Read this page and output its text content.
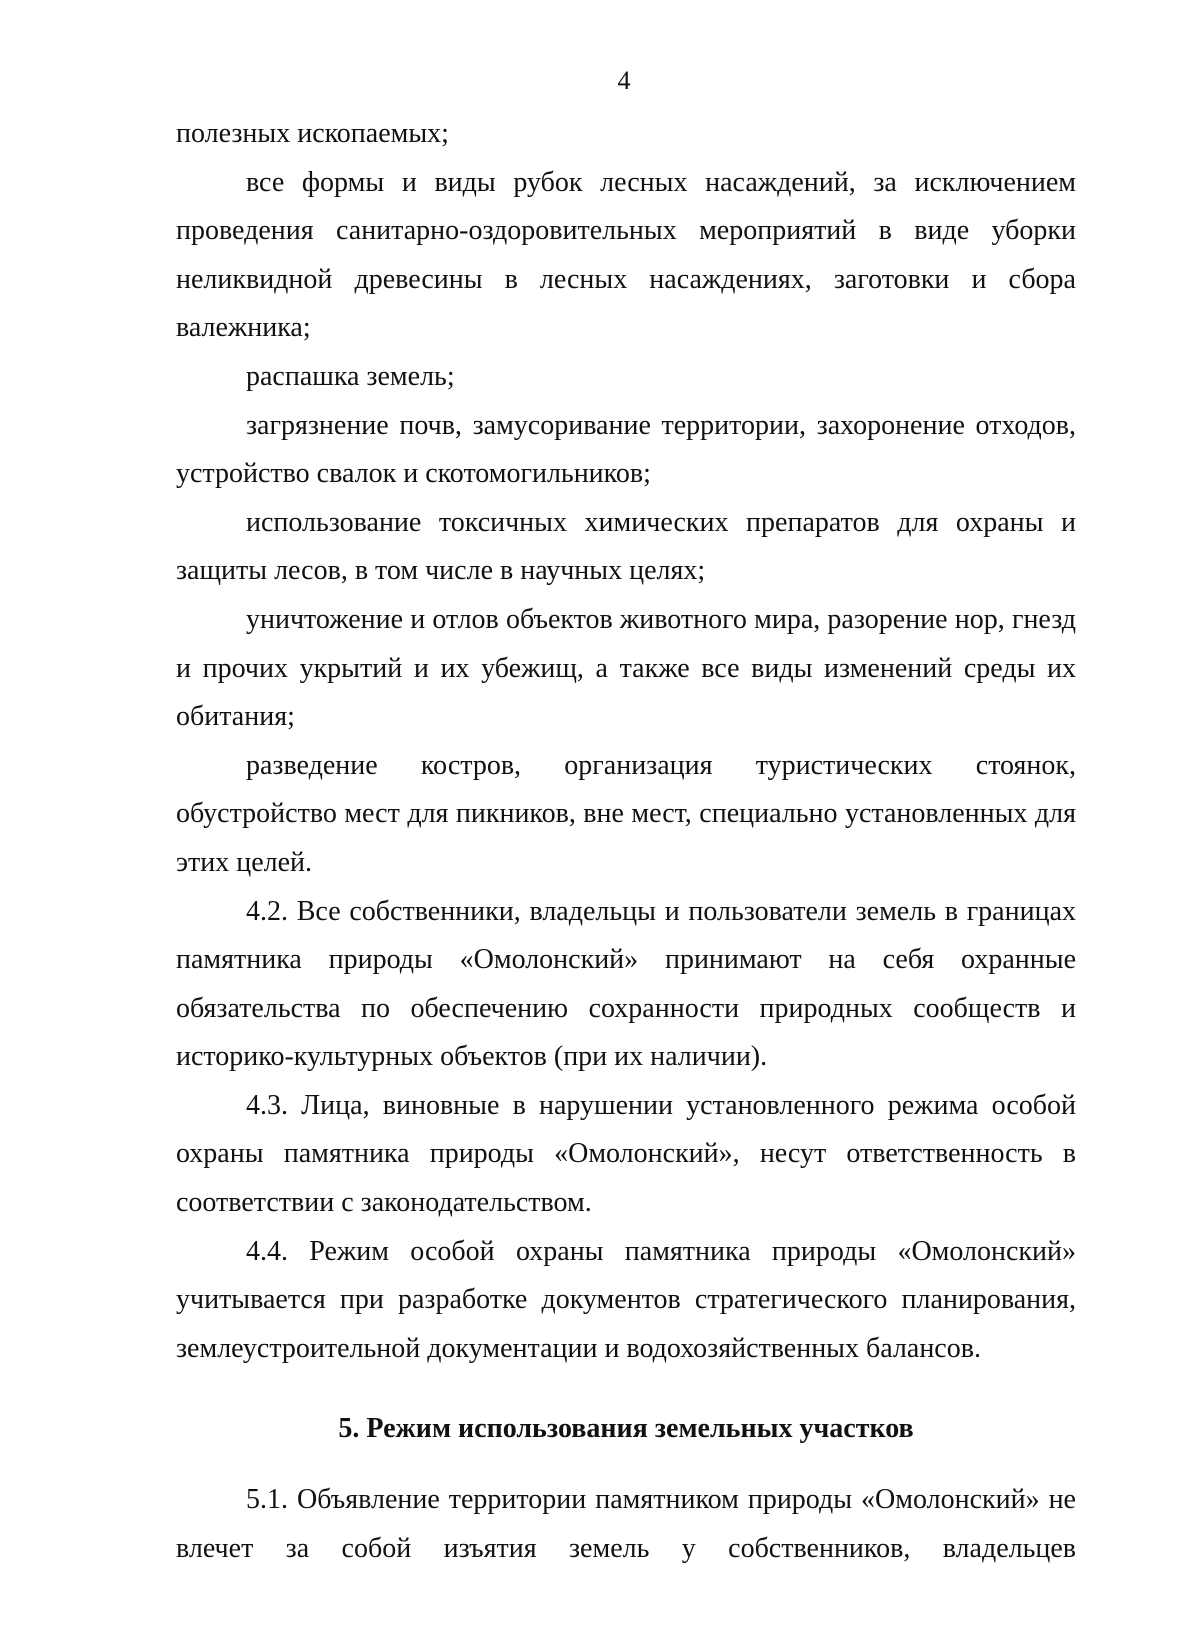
4

полезных ископаемых;

все формы и виды рубок лесных насаждений, за исключением проведения санитарно-оздоровительных мероприятий в виде уборки неликвидной древесины в лесных насаждениях, заготовки и сбора валежника;

распашка земель;

загрязнение почв, замусоривание территории, захоронение отходов, устройство свалок и скотомогильников;

использование токсичных химических препаратов для охраны и защиты лесов, в том числе в научных целях;

уничтожение и отлов объектов животного мира, разорение нор, гнезд и прочих укрытий и их убежищ, а также все виды изменений среды их обитания;

разведение костров, организация туристических стоянок, обустройство мест для пикников, вне мест, специально установленных для этих целей.

4.2. Все собственники, владельцы и пользователи земель в границах памятника природы «Омолонский» принимают на себя охранные обязательства по обеспечению сохранности природных сообществ и историко-культурных объектов (при их наличии).

4.3. Лица, виновные в нарушении установленного режима особой охраны памятника природы «Омолонский», несут ответственность в соответствии с законодательством.

4.4. Режим особой охраны памятника природы «Омолонский» учитывается при разработке документов стратегического планирования, землеустроительной документации и водохозяйственных балансов.

5. Режим использования земельных участков

5.1. Объявление территории памятником природы «Омолонский» не влечет за собой изъятия земель у собственников, владельцев
